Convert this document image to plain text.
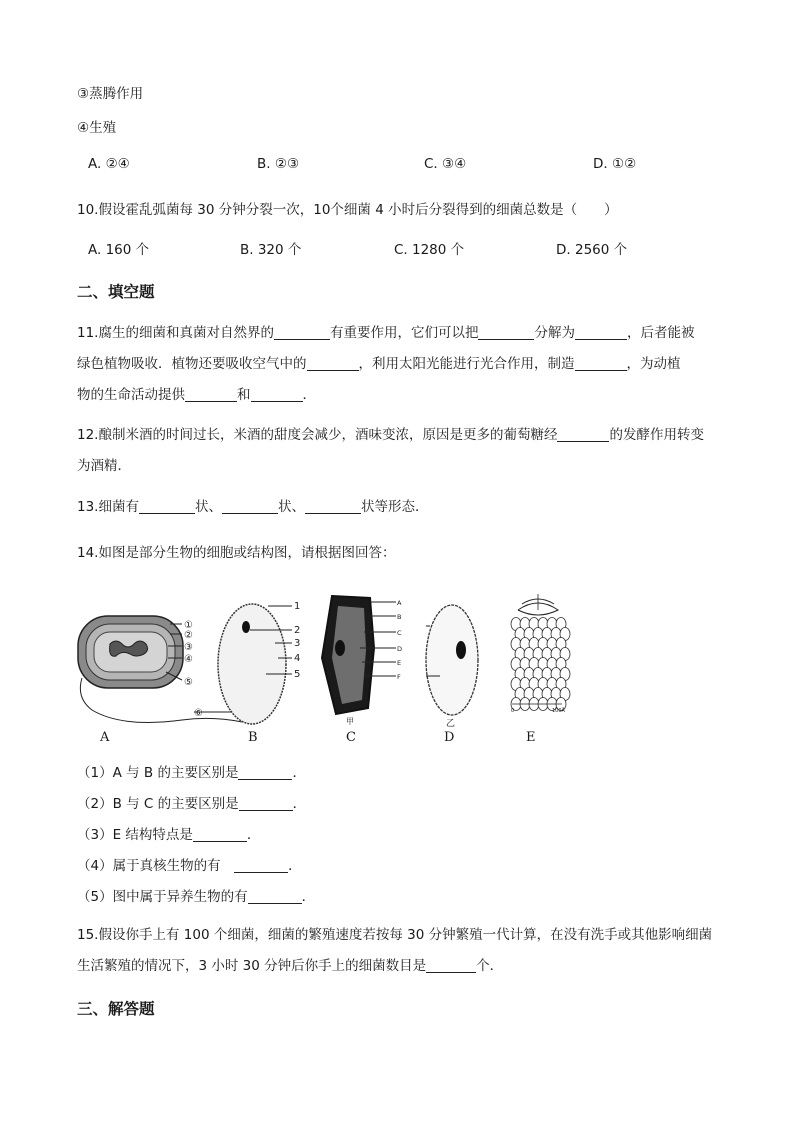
③蒸腾作用
④生殖
A. ②④	B. ②③	C. ③④	D. ①②
10.假设霍乱弧菌每 30 分钟分裂一次，10个细菌 4 小时后分裂得到的细菌总数是（　　）
A. 160 个	B. 320 个	C. 1280 个	D. 2560 个
二、填空题
11.腐生的细菌和真菌对自然界的	有重要作用，它们可以把	分解为	，后者能被
绿色植物吸收．植物还要吸收空气中的	，利用太阳光能进行光合作用，制造	，为动植
物的生命活动提供	和	．
12.酿制米酒的时间过长，米酒的甜度会减少，酒味变浓，原因是更多的葡萄糖经	的发酵作用转变
为酒精．
13.细菌有	状、	状、	状等形态．
14.如图是部分生物的细胞或结构图，请根据图回答：
①
②
③
④
⑤
⑥
1
2
3
4
5
A
B
C
D
E
F
甲	乙
0	100Å
A	B	C	D	E
（1）A 与 B 的主要区别是	．
（2）B 与 C 的主要区别是	．
（3）E 结构特点是	．
（4）属于真核生物的有　	．
（5）图中属于异养生物的有	．
15.假设你手上有 100 个细菌，细菌的繁殖速度若按每 30 分钟繁殖一代计算，在没有洗手或其他影响细菌
生活繁殖的情况下，3 小时 30 分钟后你手上的细菌数目是	个．
三、解答题
